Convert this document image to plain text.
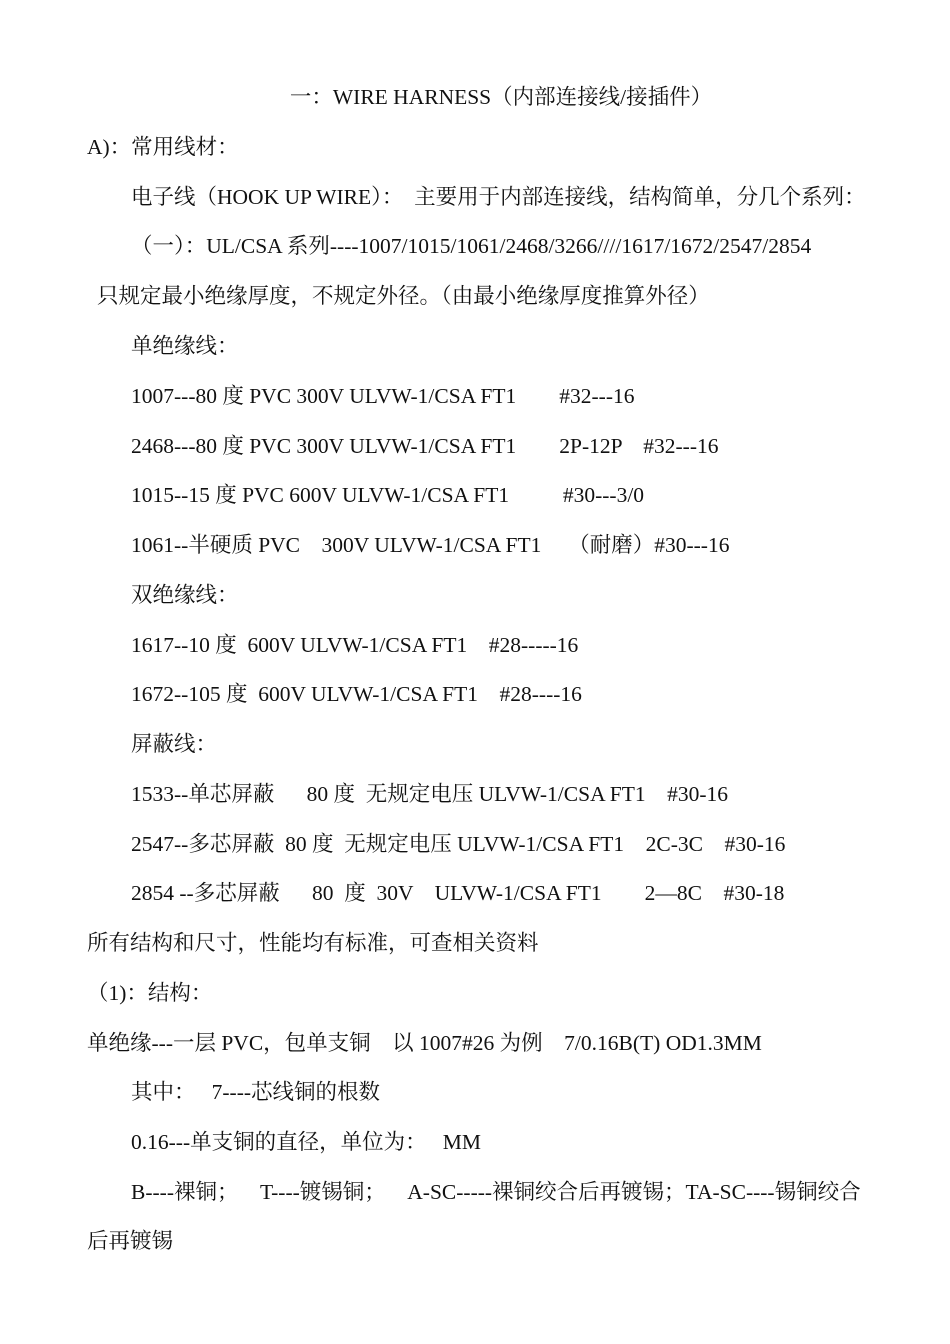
一：WIRE HARNESS（内部连接线/接插件）
A)：常用线材：
电子线（HOOK UP WIRE）：  主要用于内部连接线，结构简单，分几个系列：
（一）：UL/CSA 系列----1007/1015/1061/2468/3266////1617/1672/2547/2854
只规定最小绝缘厚度，不规定外径。（由最小绝缘厚度推算外径）
单绝缘线：
1007---80 度 PVC 300V ULVW-1/CSA FT1        #32---16
2468---80 度 PVC 300V ULVW-1/CSA FT1        2P-12P    #32---16
1015--15 度 PVC 600V ULVW-1/CSA FT1          #30---3/0
1061--半硬质 PVC    300V ULVW-1/CSA FT1     （耐磨）#30---16
双绝缘线：
1617--10 度  600V ULVW-1/CSA FT1    #28-----16
1672--105 度  600V ULVW-1/CSA FT1    #28----16
屏蔽线：
1533--单芯屏蔽      80 度  无规定电压 ULVW-1/CSA FT1    #30-16
2547--多芯屏蔽  80 度  无规定电压 ULVW-1/CSA FT1    2C-3C    #30-16
2854 --多芯屏蔽      80  度  30V    ULVW-1/CSA FT1        2—8C    #30-18
所有结构和尺寸，性能均有标准，可查相关资料
（1)：结构：
单绝缘---一层 PVC，包单支铜    以 1007#26 为例    7/0.16B(T) OD1.3MM
其中：   7----芯线铜的根数
0.16---单支铜的直径，单位为：   MM
B----裸铜；    T----镀锡铜；    A-SC-----裸铜绞合后再镀锡；TA-SC----锡铜绞合
后再镀锡
